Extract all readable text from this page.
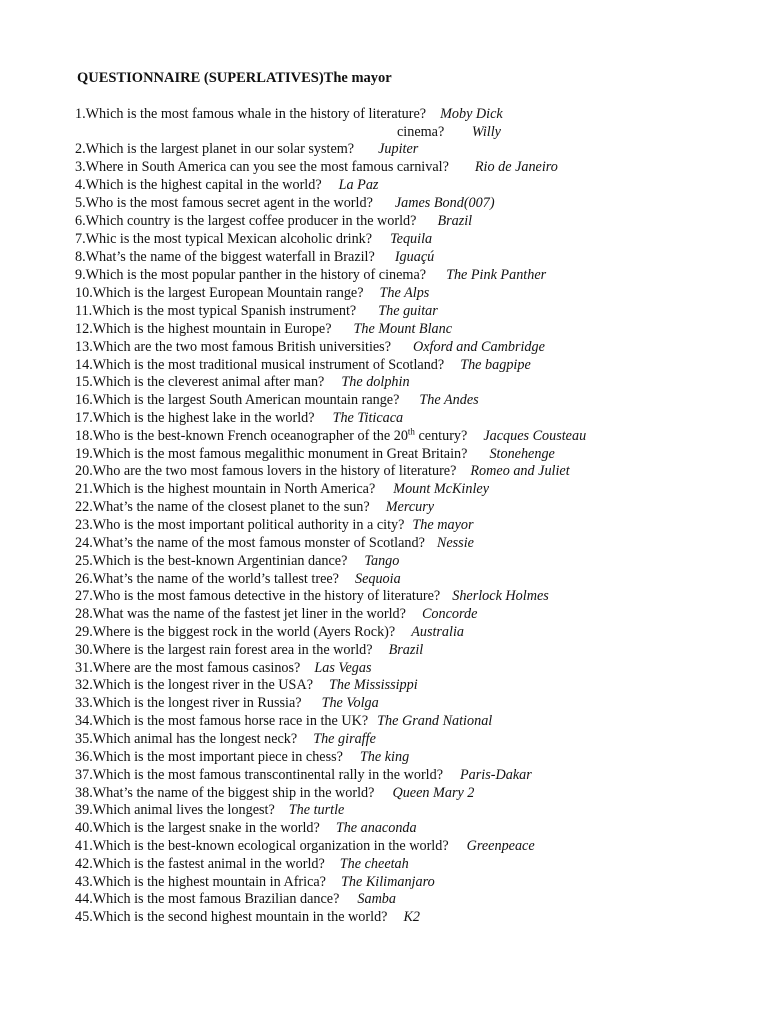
QUESTIONNAIRE (SUPERLATIVES)The mayor
cinema? Willy
1.Which is the most famous whale in the history of literature? Moby Dick
2.Which is the largest planet in our solar system? Jupiter
3.Where in South America can you see the most famous carnival? Rio de Janeiro
4.Which is the highest capital in the world? La Paz
5.Who is the most famous secret agent in the world? James Bond(007)
6.Which country is the largest coffee producer in the world? Brazil
7.Whic is the most typical Mexican alcoholic drink? Tequila
8.What’s the name of the biggest waterfall in Brazil? Iguaçú
9.Which is the most popular panther in the history of cinema? The Pink Panther
10.Which is the largest European Mountain range? The Alps
11.Which is the most typical Spanish instrument? The guitar
12.Which is the highest mountain in Europe? The Mount Blanc
13.Which are the two most famous British universities? Oxford and Cambridge
14.Which is the most traditional musical instrument of Scotland? The bagpipe
15.Which is the cleverest animal after man? The dolphin
16.Which is the largest South American mountain range? The Andes
17.Which is the highest lake in the world? The Titicaca
18.Who is the best-known French oceanographer of the 20th century? Jacques Cousteau
19.Which is the most famous megalithic monument in Great Britain? Stonehenge
20.Who are the two most famous lovers in the history of literature? Romeo and Juliet
21.Which is the highest mountain in North America? Mount McKinley
22.What’s the name of the closest planet to the sun? Mercury
23.Who is the most important political authority in a city? The mayor
24.What’s the name of the most famous monster of Scotland? Nessie
25.Which is the best-known Argentinian dance? Tango
26.What’s the name of the world’s tallest tree? Sequoia
27.Who is the most famous detective in the history of literature? Sherlock Holmes
28.What was the name of the fastest jet liner in the world? Concorde
29.Where is the biggest rock in the world (Ayers Rock)? Australia
30.Where is the largest rain forest area in the world? Brazil
31.Where are the most famous casinos? Las Vegas
32.Which is the longest river in the USA? The Mississippi
33.Which is the longest river in Russia? The Volga
34.Which is the most famous horse race in the UK? The Grand National
35.Which animal has the longest neck? The giraffe
36.Which is the most important piece in chess? The king
37.Which is the most famous transcontinental rally in the world? Paris-Dakar
38.What’s the name of the biggest ship in the world? Queen Mary 2
39.Which animal lives the longest? The turtle
40.Which is the largest snake in the world? The anaconda
41.Which is the best-known ecological organization in the world? Greenpeace
42.Which is the fastest animal in the world? The cheetah
43.Which is the highest mountain in Africa? The Kilimanjaro
44.Which is the most famous Brazilian dance? Samba
45.Which is the second highest mountain in the world? K2
